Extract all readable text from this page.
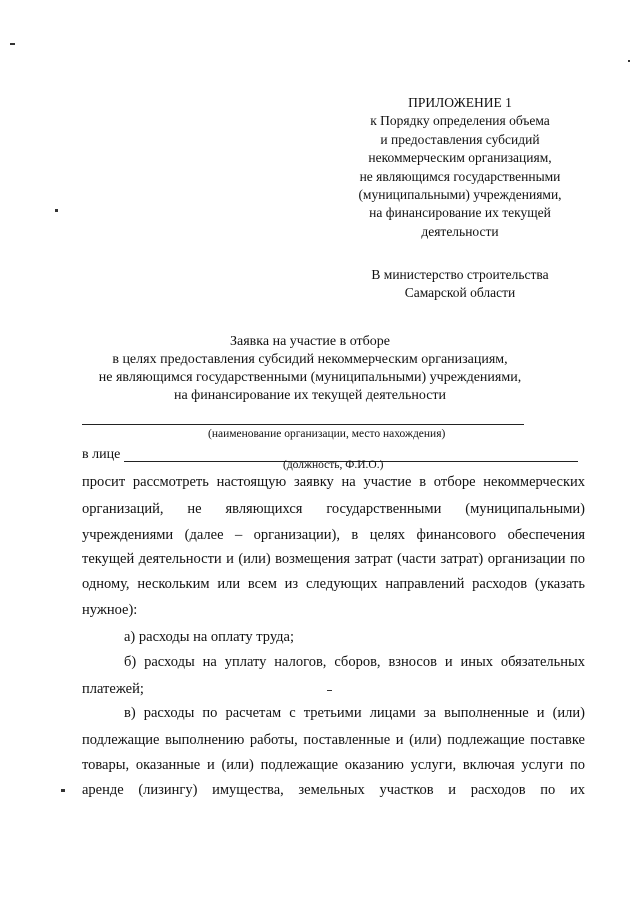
ПРИЛОЖЕНИЕ 1
к Порядку определения объема
и предоставления субсидий
некоммерческим организациям,
не являющимся государственными
(муниципальными) учреждениями,
на финансирование их текущей
деятельности
В министерство строительства
Самарской области
Заявка на участие в отборе
в целях предоставления субсидий некоммерческим организациям,
не являющимся государственными (муниципальными) учреждениями,
на финансирование их текущей деятельности
(наименование организации, место нахождения)
в лице
(должность, Ф.И.О.)
просит рассмотреть настоящую заявку на участие в отборе некоммерческих
организаций, не являющихся государственными (муниципальными)
учреждениями (далее – организации), в целях финансового обеспечения
текущей деятельности и (или) возмещения затрат (части затрат) организации по
одному, нескольким или всем из следующих направлений расходов (указать
нужное):
а) расходы на оплату труда;
б) расходы на уплату налогов, сборов, взносов и иных обязательных
платежей;
в) расходы по расчетам с третьими лицами за выполненные и (или)
подлежащие выполнению работы, поставленные и (или) подлежащие поставке
товары, оказанные и (или) подлежащие оказанию услуги, включая услуги по
аренде (лизингу) имущества, земельных участков и расходов по их
